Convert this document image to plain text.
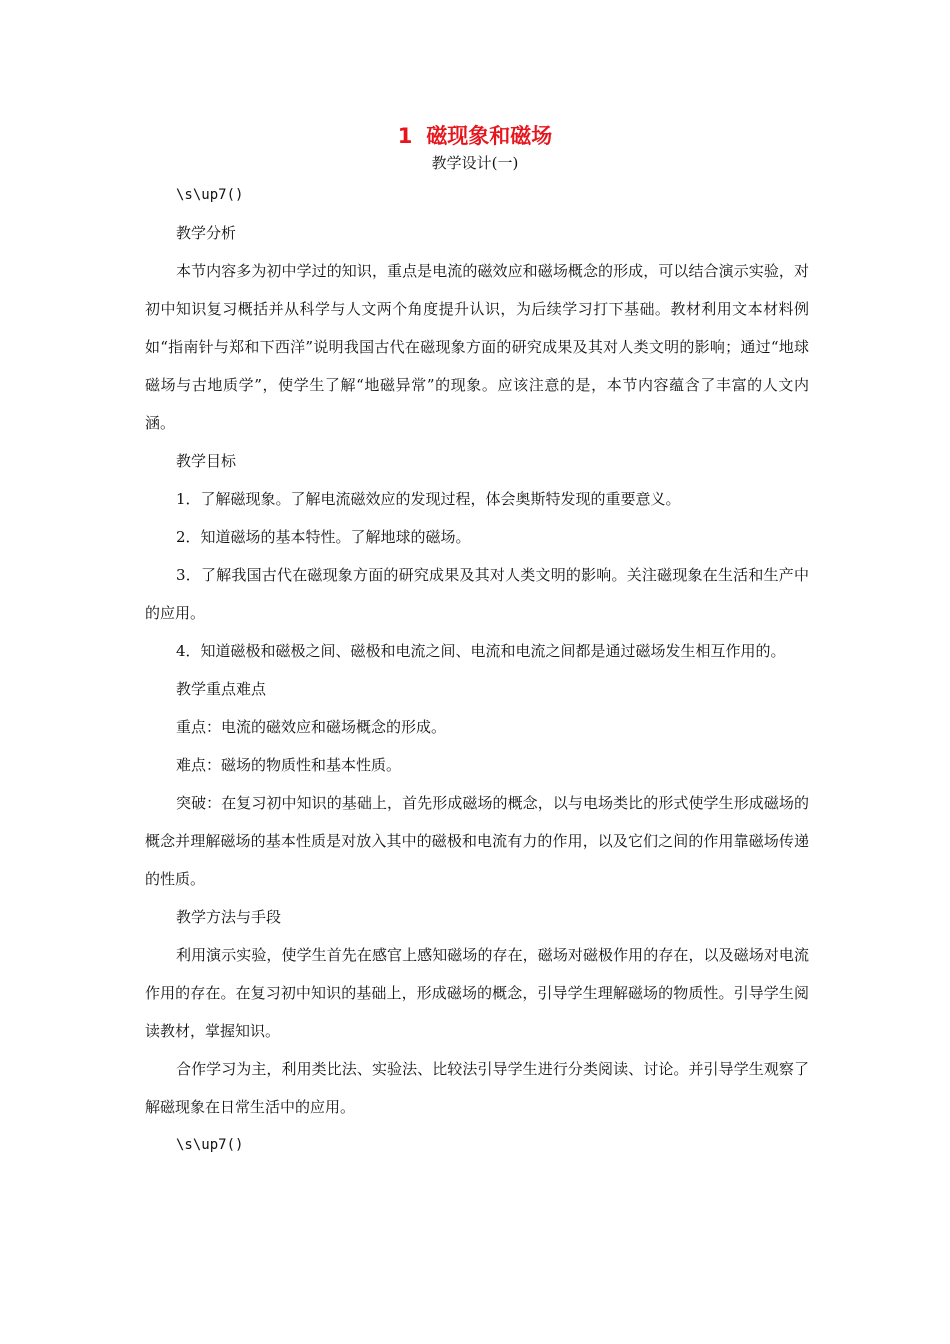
1 磁现象和磁场
教学设计(一)

\s\up7()

教学分析

本节内容多为初中学过的知识，重点是电流的磁效应和磁场概念的形成，可以结合演示实验，对初中知识复习概括并从科学与人文两个角度提升认识，为后续学习打下基础。教材利用文本材料例如“指南针与郑和下西洋”说明我国古代在磁现象方面的研究成果及其对人类文明的影响；通过“地球磁场与古地质学”，使学生了解“地磁异常”的现象。应该注意的是，本节内容蕴含了丰富的人文内涵。

教学目标

1．了解磁现象。了解电流磁效应的发现过程，体会奥斯特发现的重要意义。

2．知道磁场的基本特性。了解地球的磁场。

3．了解我国古代在磁现象方面的研究成果及其对人类文明的影响。关注磁现象在生活和生产中的应用。

4．知道磁极和磁极之间、磁极和电流之间、电流和电流之间都是通过磁场发生相互作用的。

教学重点难点

重点：电流的磁效应和磁场概念的形成。

难点：磁场的物质性和基本性质。

突破：在复习初中知识的基础上，首先形成磁场的概念，以与电场类比的形式使学生形成磁场的概念并理解磁场的基本性质是对放入其中的磁极和电流有力的作用，以及它们之间的作用靠磁场传递的性质。

教学方法与手段

利用演示实验，使学生首先在感官上感知磁场的存在，磁场对磁极作用的存在，以及磁场对电流作用的存在。在复习初中知识的基础上，形成磁场的概念，引导学生理解磁场的物质性。引导学生阅读教材，掌握知识。

合作学习为主，利用类比法、实验法、比较法引导学生进行分类阅读、讨论。并引导学生观察了解磁现象在日常生活中的应用。

\s\up7()
